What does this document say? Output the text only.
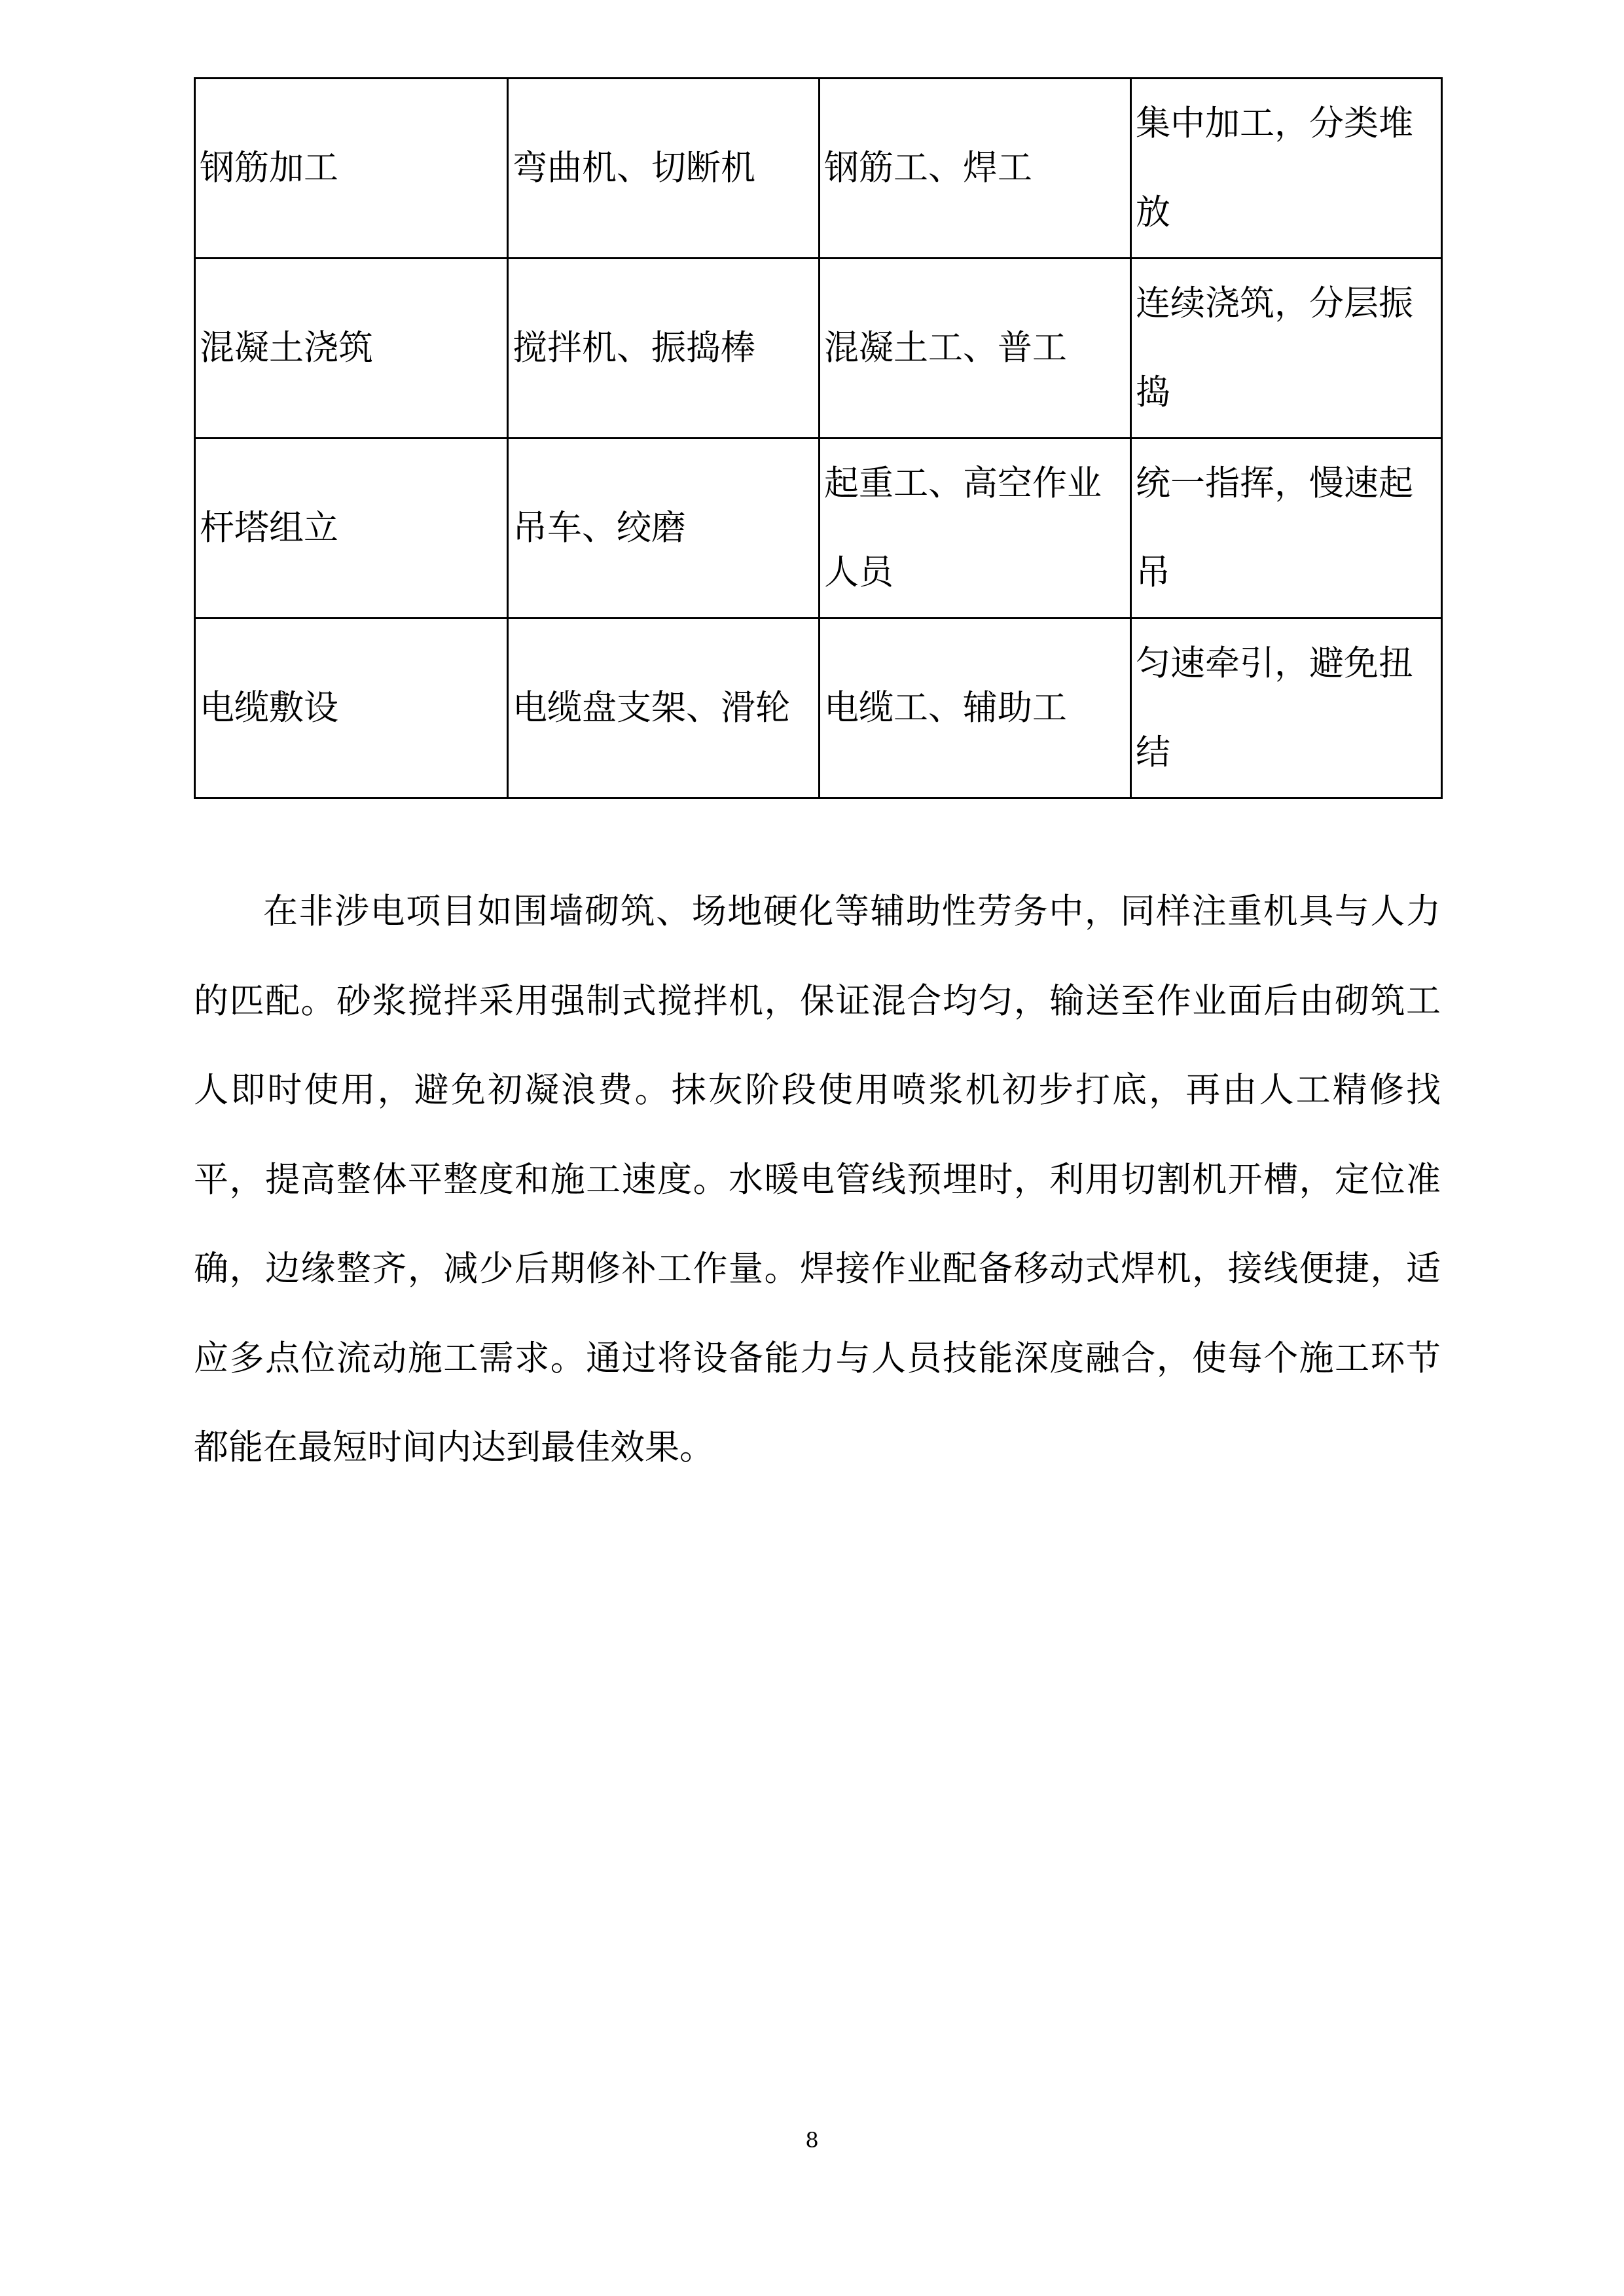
钢筋加工	弯曲机、切断机	钢筋工、焊工	集中加工，分类堆放
混凝土浇筑	搅拌机、振捣棒	混凝土工、普工	连续浇筑，分层振捣
杆塔组立	吊车、绞磨	起重工、高空作业人员	统一指挥，慢速起吊
电缆敷设	电缆盘支架、滑轮	电缆工、辅助工	匀速牵引，避免扭结

在非涉电项目如围墙砌筑、场地硬化等辅助性劳务中，同样注重机具与人力的匹配。砂浆搅拌采用强制式搅拌机，保证混合均匀，输送至作业面后由砌筑工人即时使用，避免初凝浪费。抹灰阶段使用喷浆机初步打底，再由人工精修找平，提高整体平整度和施工速度。水暖电管线预埋时，利用切割机开槽，定位准确，边缘整齐，减少后期修补工作量。焊接作业配备移动式焊机，接线便捷，适应多点位流动施工需求。通过将设备能力与人员技能深度融合，使每个施工环节都能在最短时间内达到最佳效果。

8
